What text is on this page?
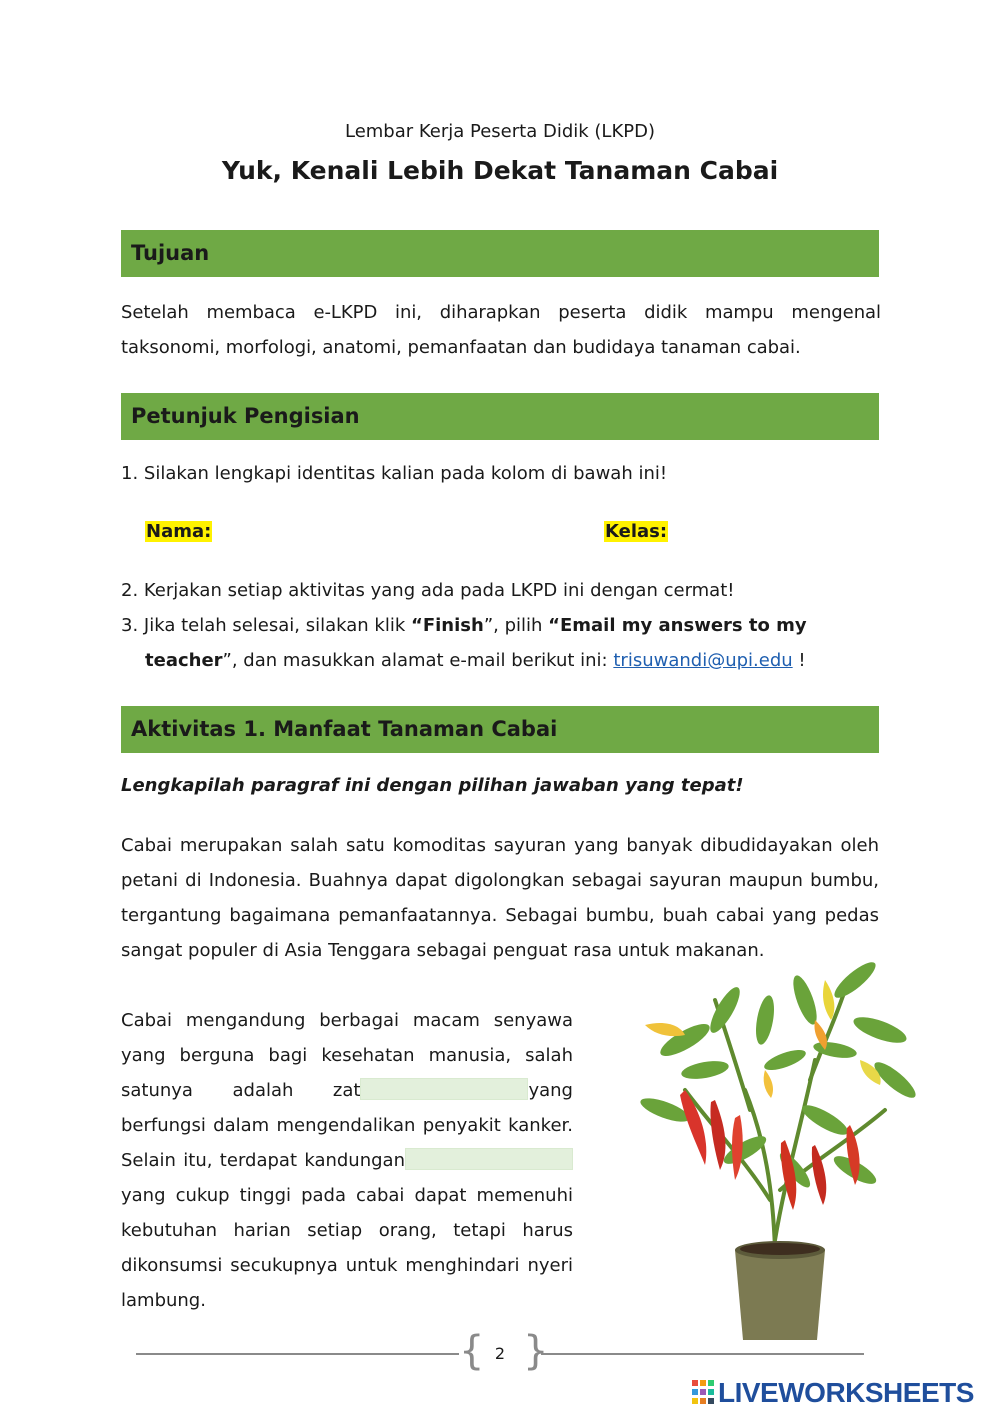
Lembar Kerja Peserta Didik (LKPD)
Yuk, Kenali Lebih Dekat Tanaman Cabai
Tujuan
Setelah membaca e-LKPD ini, diharapkan peserta didik mampu mengenal taksonomi, morfologi, anatomi, pemanfaatan dan budidaya tanaman cabai.
Petunjuk Pengisian
1. Silakan lengkapi identitas kalian pada kolom di bawah ini!
Nama:	Kelas:
2. Kerjakan setiap aktivitas yang ada pada LKPD ini dengan cermat!
3. Jika telah selesai, silakan klik “Finish”, pilih “Email my answers to my
teacher”, dan masukkan alamat e-mail berikut ini: trisuwandi@upi.edu !
Aktivitas 1. Manfaat Tanaman Cabai
Lengkapilah paragraf ini dengan pilihan jawaban yang tepat!
Cabai merupakan salah satu komoditas sayuran yang banyak dibudidayakan oleh petani di Indonesia. Buahnya dapat digolongkan sebagai sayuran maupun bumbu, tergantung bagaimana pemanfaatannya. Sebagai bumbu, buah cabai yang pedas sangat populer di Asia Tenggara sebagai penguat rasa untuk makanan.
Cabai mengandung berbagai macam senyawa yang berguna bagi kesehatan manusia, salah satunya adalah zat	yang berfungsi dalam mengendalikan penyakit kanker. Selain itu, terdapat kandunganyang cukup tinggi pada cabai dapat memenuhi kebutuhan harian setiap orang, tetapi harus dikonsumsi secukupnya untuk menghindari nyeri lambung.
{ }
2
LIVEWORKSHEETS
